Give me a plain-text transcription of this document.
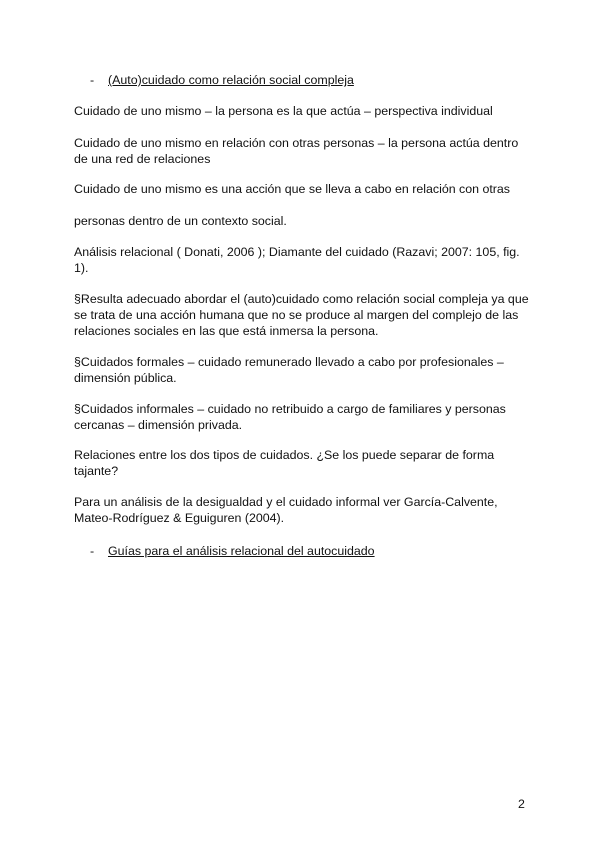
- (Auto)cuidado como relación social compleja

Cuidado de uno mismo – la persona es la que actúa – perspectiva individual

Cuidado de uno mismo en relación con otras personas – la persona actúa dentro
de una red de relaciones

Cuidado de uno mismo es una acción que se lleva a cabo en relación con otras

personas dentro de un contexto social.

Análisis relacional ( Donati, 2006 ); Diamante del cuidado (Razavi; 2007: 105, fig.
1).

§Resulta adecuado abordar el (auto)cuidado como relación social compleja ya que
se trata de una acción humana que no se produce al margen del complejo de las
relaciones sociales en las que está inmersa la persona.

§Cuidados formales – cuidado remunerado llevado a cabo por profesionales –
dimensión pública.

§Cuidados informales – cuidado no retribuido a cargo de familiares y personas
cercanas – dimensión privada.

Relaciones entre los dos tipos de cuidados. ¿Se los puede separar de forma
tajante?

Para un análisis de la desigualdad y el cuidado informal ver García-Calvente,
Mateo-Rodríguez & Eguiguren (2004).

- Guías para el análisis relacional del autocuidado
2
